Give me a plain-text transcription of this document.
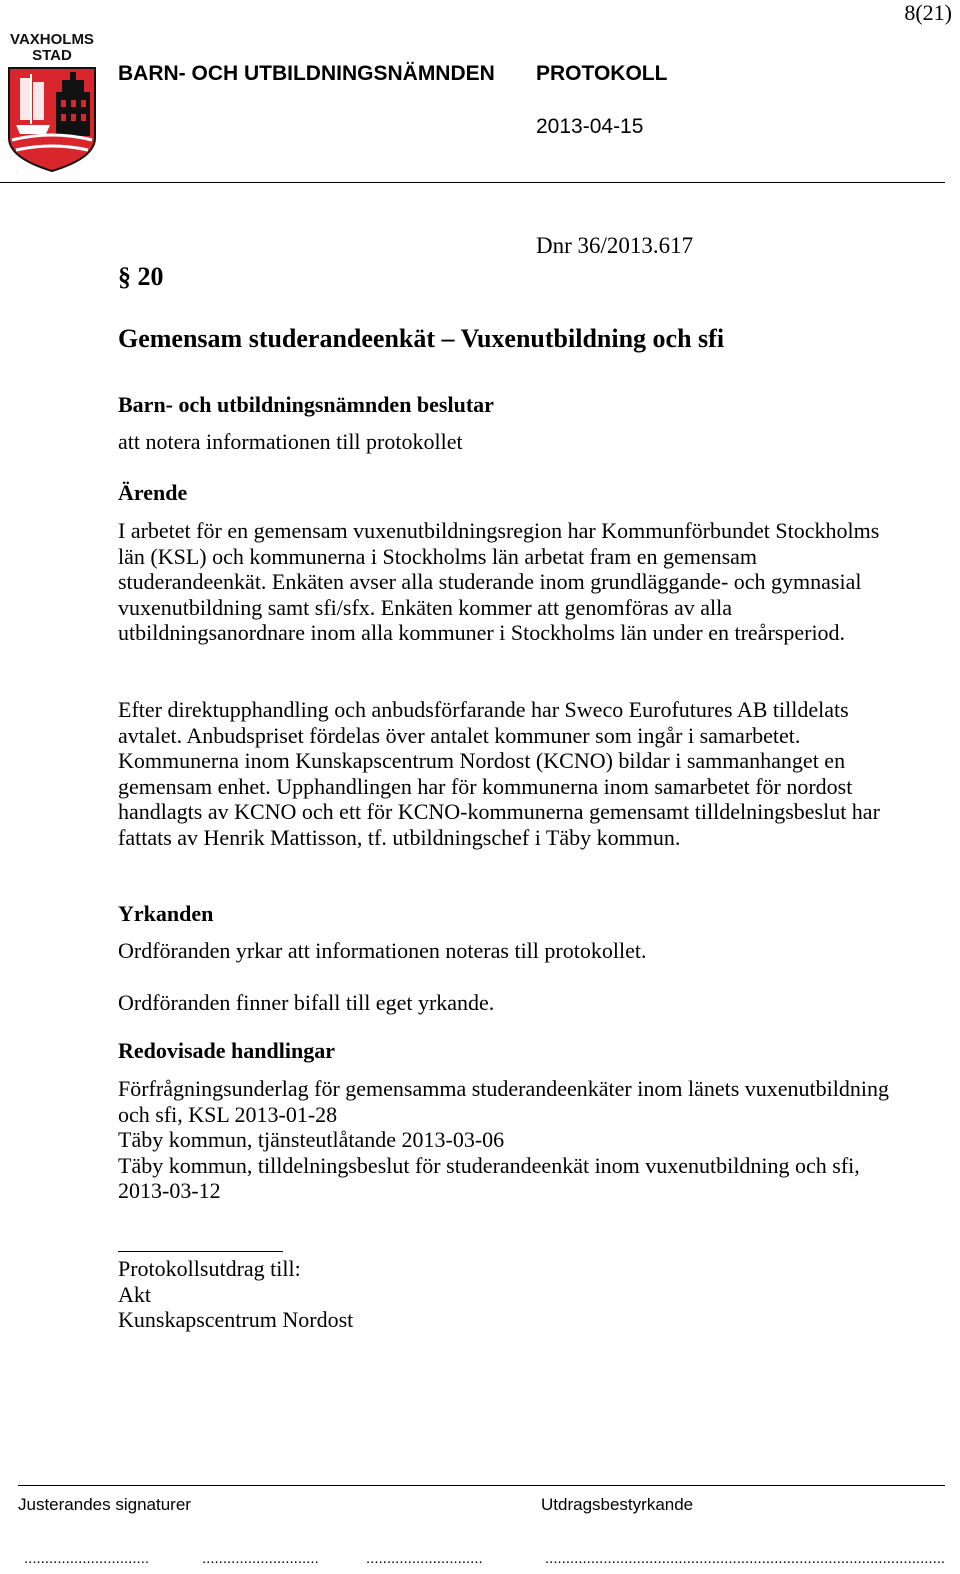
8(21)
VAXHOLMS
STAD
BARN- OCH UTBILDNINGSNÄMNDEN PROTOKOLL
2013-04-15
Dnr 36/2013.617
§ 20
Gemensam studerandeenkät – Vuxenutbildning och sfi
Barn- och utbildningsnämnden beslutar
att notera informationen till protokollet
Ärende

I arbetet för en gemensam vuxenutbildningsregion har Kommunförbundet Stockholms län (KSL) och kommunerna i Stockholms län arbetat fram en gemensam studerandeenkät. Enkäten avser alla studerande inom grundläggande- och gymnasial vuxenutbildning samt sfi/sfx. Enkäten kommer att genomföras av alla utbildningsanordnare inom alla kommuner i Stockholms län under en treårsperiod.

Efter direktupphandling och anbudsförfarande har Sweco Eurofutures AB tilldelats avtalet. Anbudspriset fördelas över antalet kommuner som ingår i samarbetet. Kommunerna inom Kunskapscentrum Nordost (KCNO) bildar i sammanhanget en gemensam enhet. Upphandlingen har för kommunerna inom samarbetet för nordost handlagts av KCNO och ett för KCNO-kommunerna gemensamt tilldelningsbeslut har fattats av Henrik Mattisson, tf. utbildningschef i Täby kommun.

Yrkanden
Ordföranden yrkar att informationen noteras till protokollet.
Ordföranden finner bifall till eget yrkande.
Redovisade handlingar

Förfrågningsunderlag för gemensamma studerandeenkäter inom länets vuxenutbildning och sfi, KSL 2013-01-28

Täby kommun, tjänsteutlåtande 2013-03-06

Täby kommun, tilldelningsbeslut för studerandeenkät inom vuxenutbildning och sfi, 2013-03-12

Protokollsutdrag till:

Akt

Kunskapscentrum Nordost

Justerandes signaturer	Utdragsbestyrkande
..............................	............................	............................	................................................................................................
